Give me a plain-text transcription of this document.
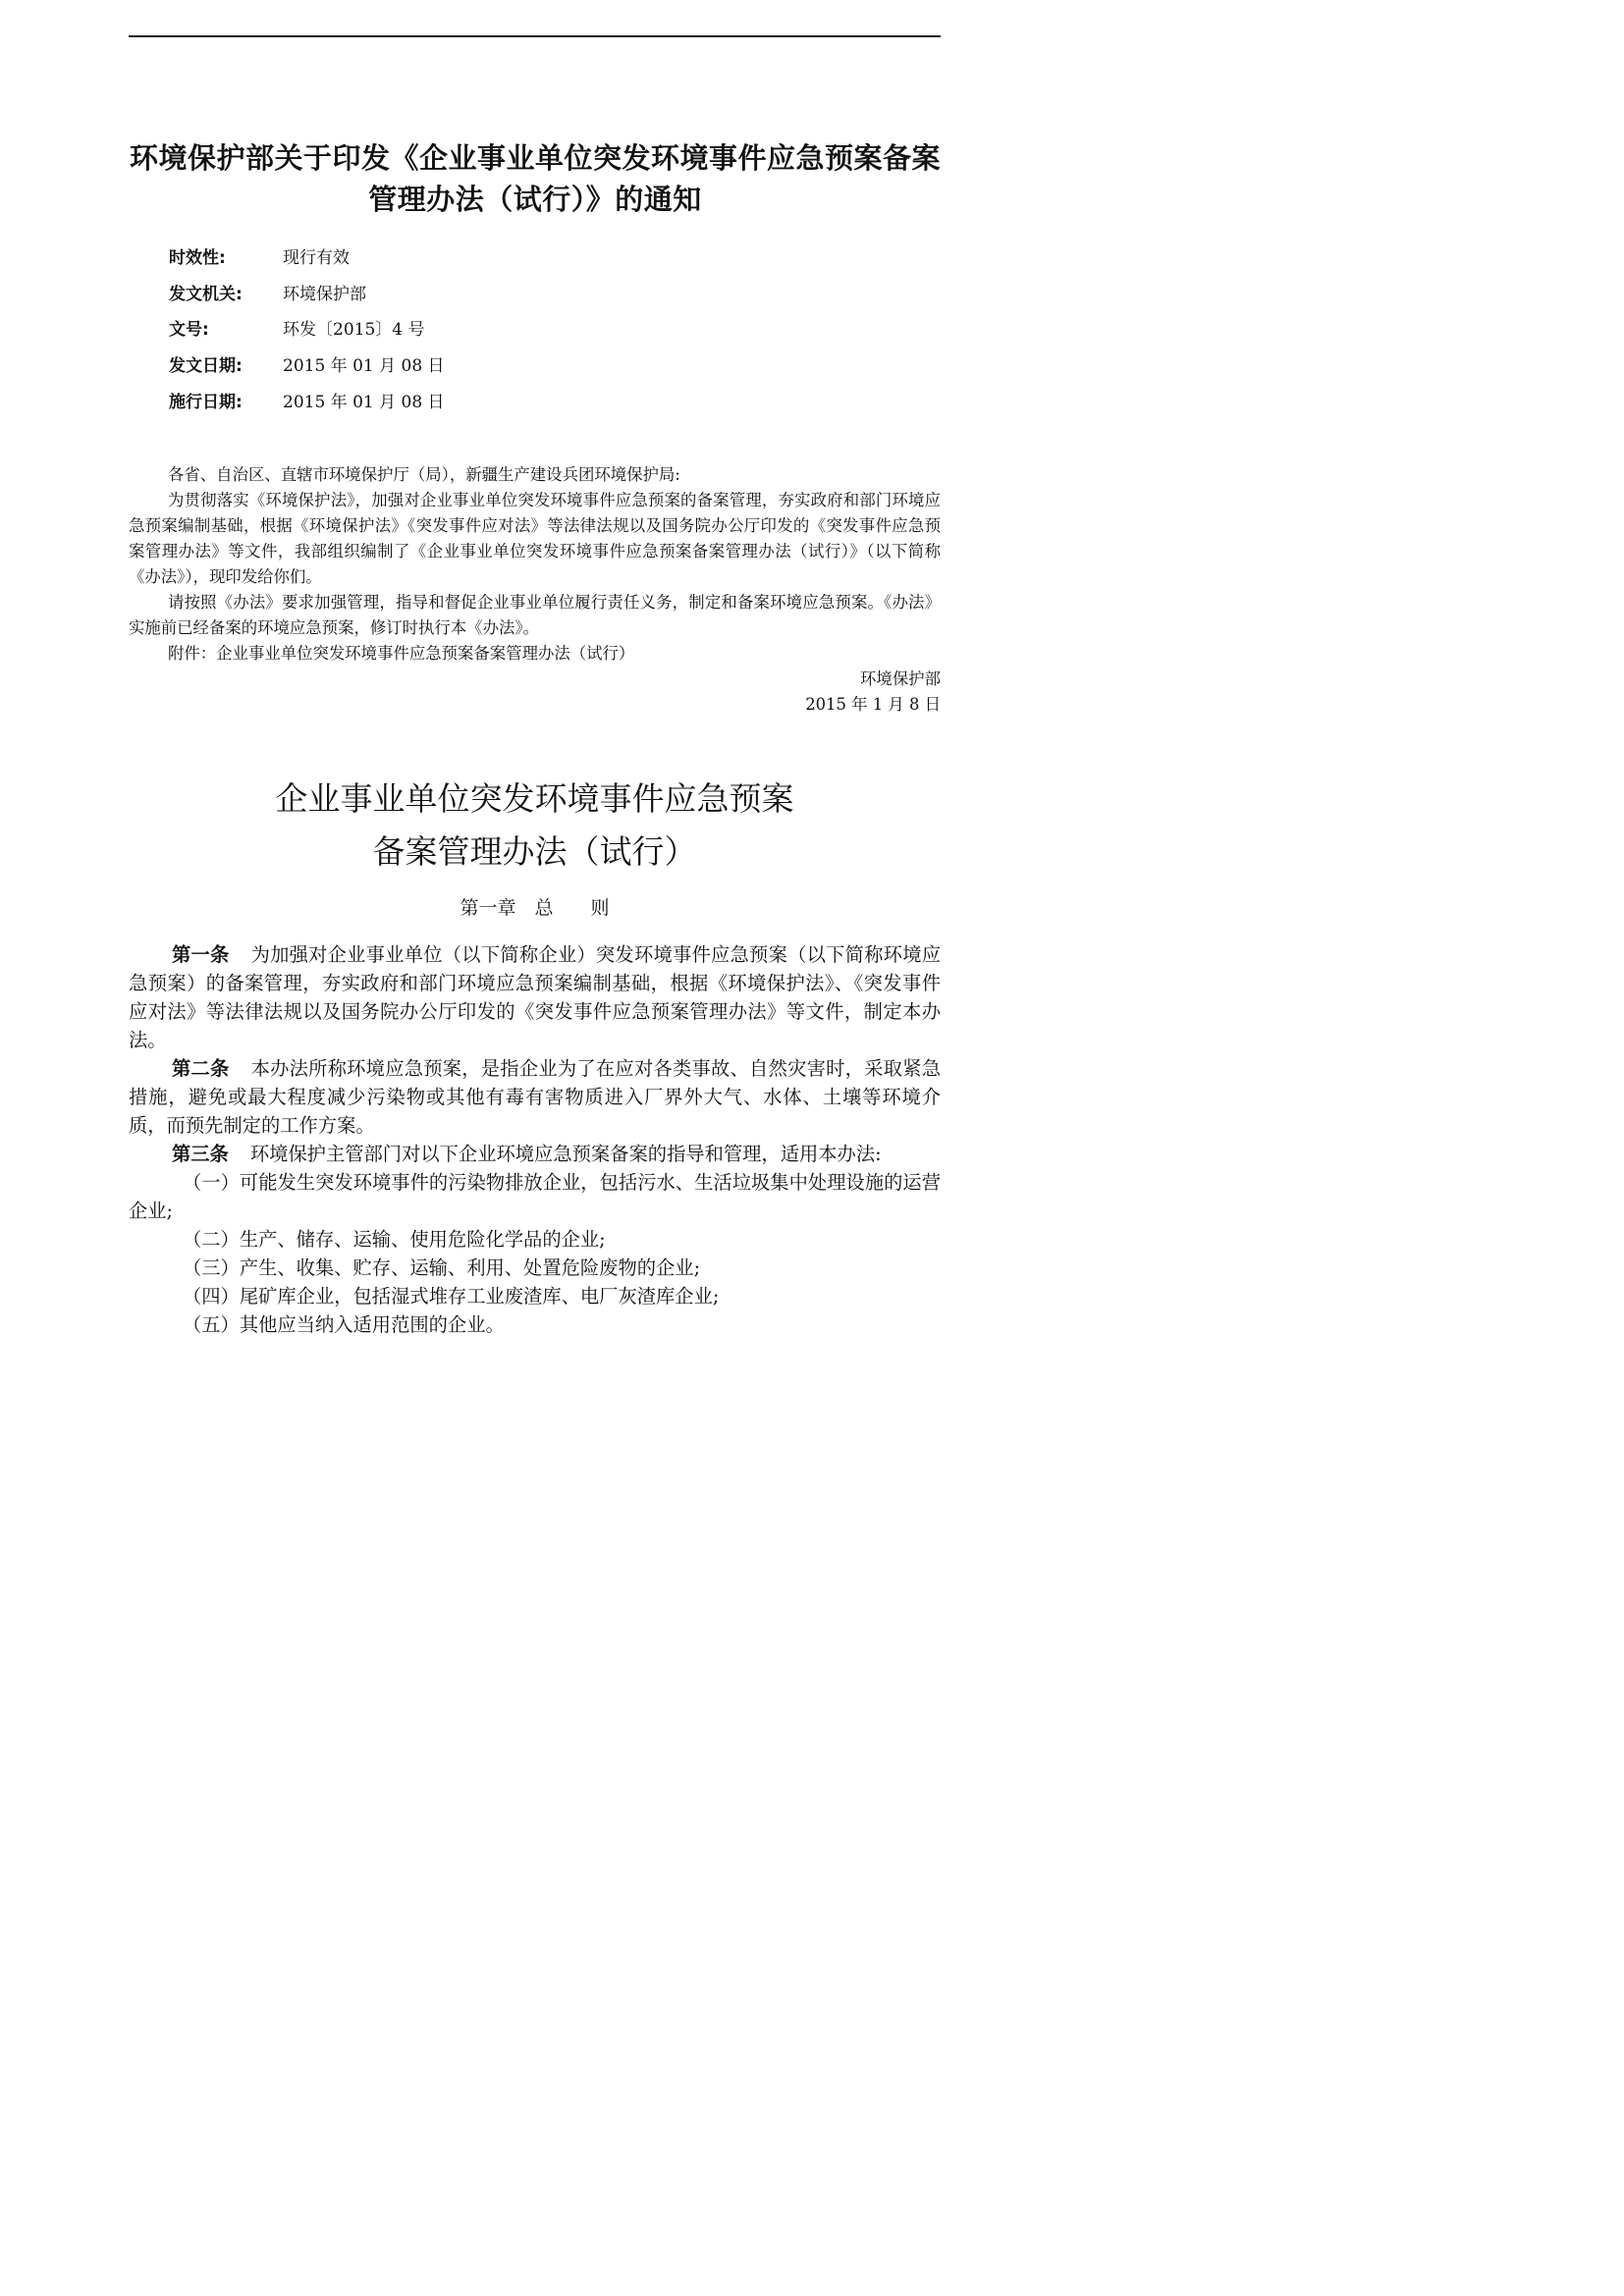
环境保护部关于印发《企业事业单位突发环境事件应急预案备案
管理办法（试行）》的通知
时效性:	现行有效
发文机关:	环境保护部
文号:	环发〔2015〕4 号
发文日期:	2015 年 01 月 08 日
施行日期:	2015 年 01 月 08 日

各省、自治区、直辖市环境保护厅（局），新疆生产建设兵团环境保护局:

为贯彻落实《环境保护法》，加强对企业事业单位突发环境事件应急预案的备案管理，夯实政府和部门环境应急预案编制基础，根据《环境保护法》《突发事件应对法》等法律法规以及国务院办公厅印发的《突发事件应急预案管理办法》等文件，我部组织编制了《企业事业单位突发环境事件应急预案备案管理办法（试行）》（以下简称《办法》），现印发给你们。

请按照《办法》要求加强管理，指导和督促企业事业单位履行责任义务，制定和备案环境应急预案。《办法》实施前已经备案的环境应急预案，修订时执行本《办法》。

附件：企业事业单位突发环境事件应急预案备案管理办法（试行）

环境保护部

2015 年 1 月 8 日

企业事业单位突发环境事件应急预案
备案管理办法（试行）
第一章　总　　则

第一条 为加强对企业事业单位（以下简称企业）突发环境事件应急预案（以下简称环境应急预案）的备案管理，夯实政府和部门环境应急预案编制基础，根据《环境保护法》、《突发事件应对法》等法律法规以及国务院办公厅印发的《突发事件应急预案管理办法》等文件，制定本办法。

第二条 本办法所称环境应急预案，是指企业为了在应对各类事故、自然灾害时，采取紧急措施，避免或最大程度减少污染物或其他有毒有害物质进入厂界外大气、水体、土壤等环境介质，而预先制定的工作方案。

第三条 环境保护主管部门对以下企业环境应急预案备案的指导和管理，适用本办法:

（一）可能发生突发环境事件的污染物排放企业，包括污水、生活垃圾集中处理设施的运营企业;

（二）生产、储存、运输、使用危险化学品的企业;

（三）产生、收集、贮存、运输、利用、处置危险废物的企业;

（四）尾矿库企业，包括湿式堆存工业废渣库、电厂灰渣库企业;

（五）其他应当纳入适用范围的企业。
